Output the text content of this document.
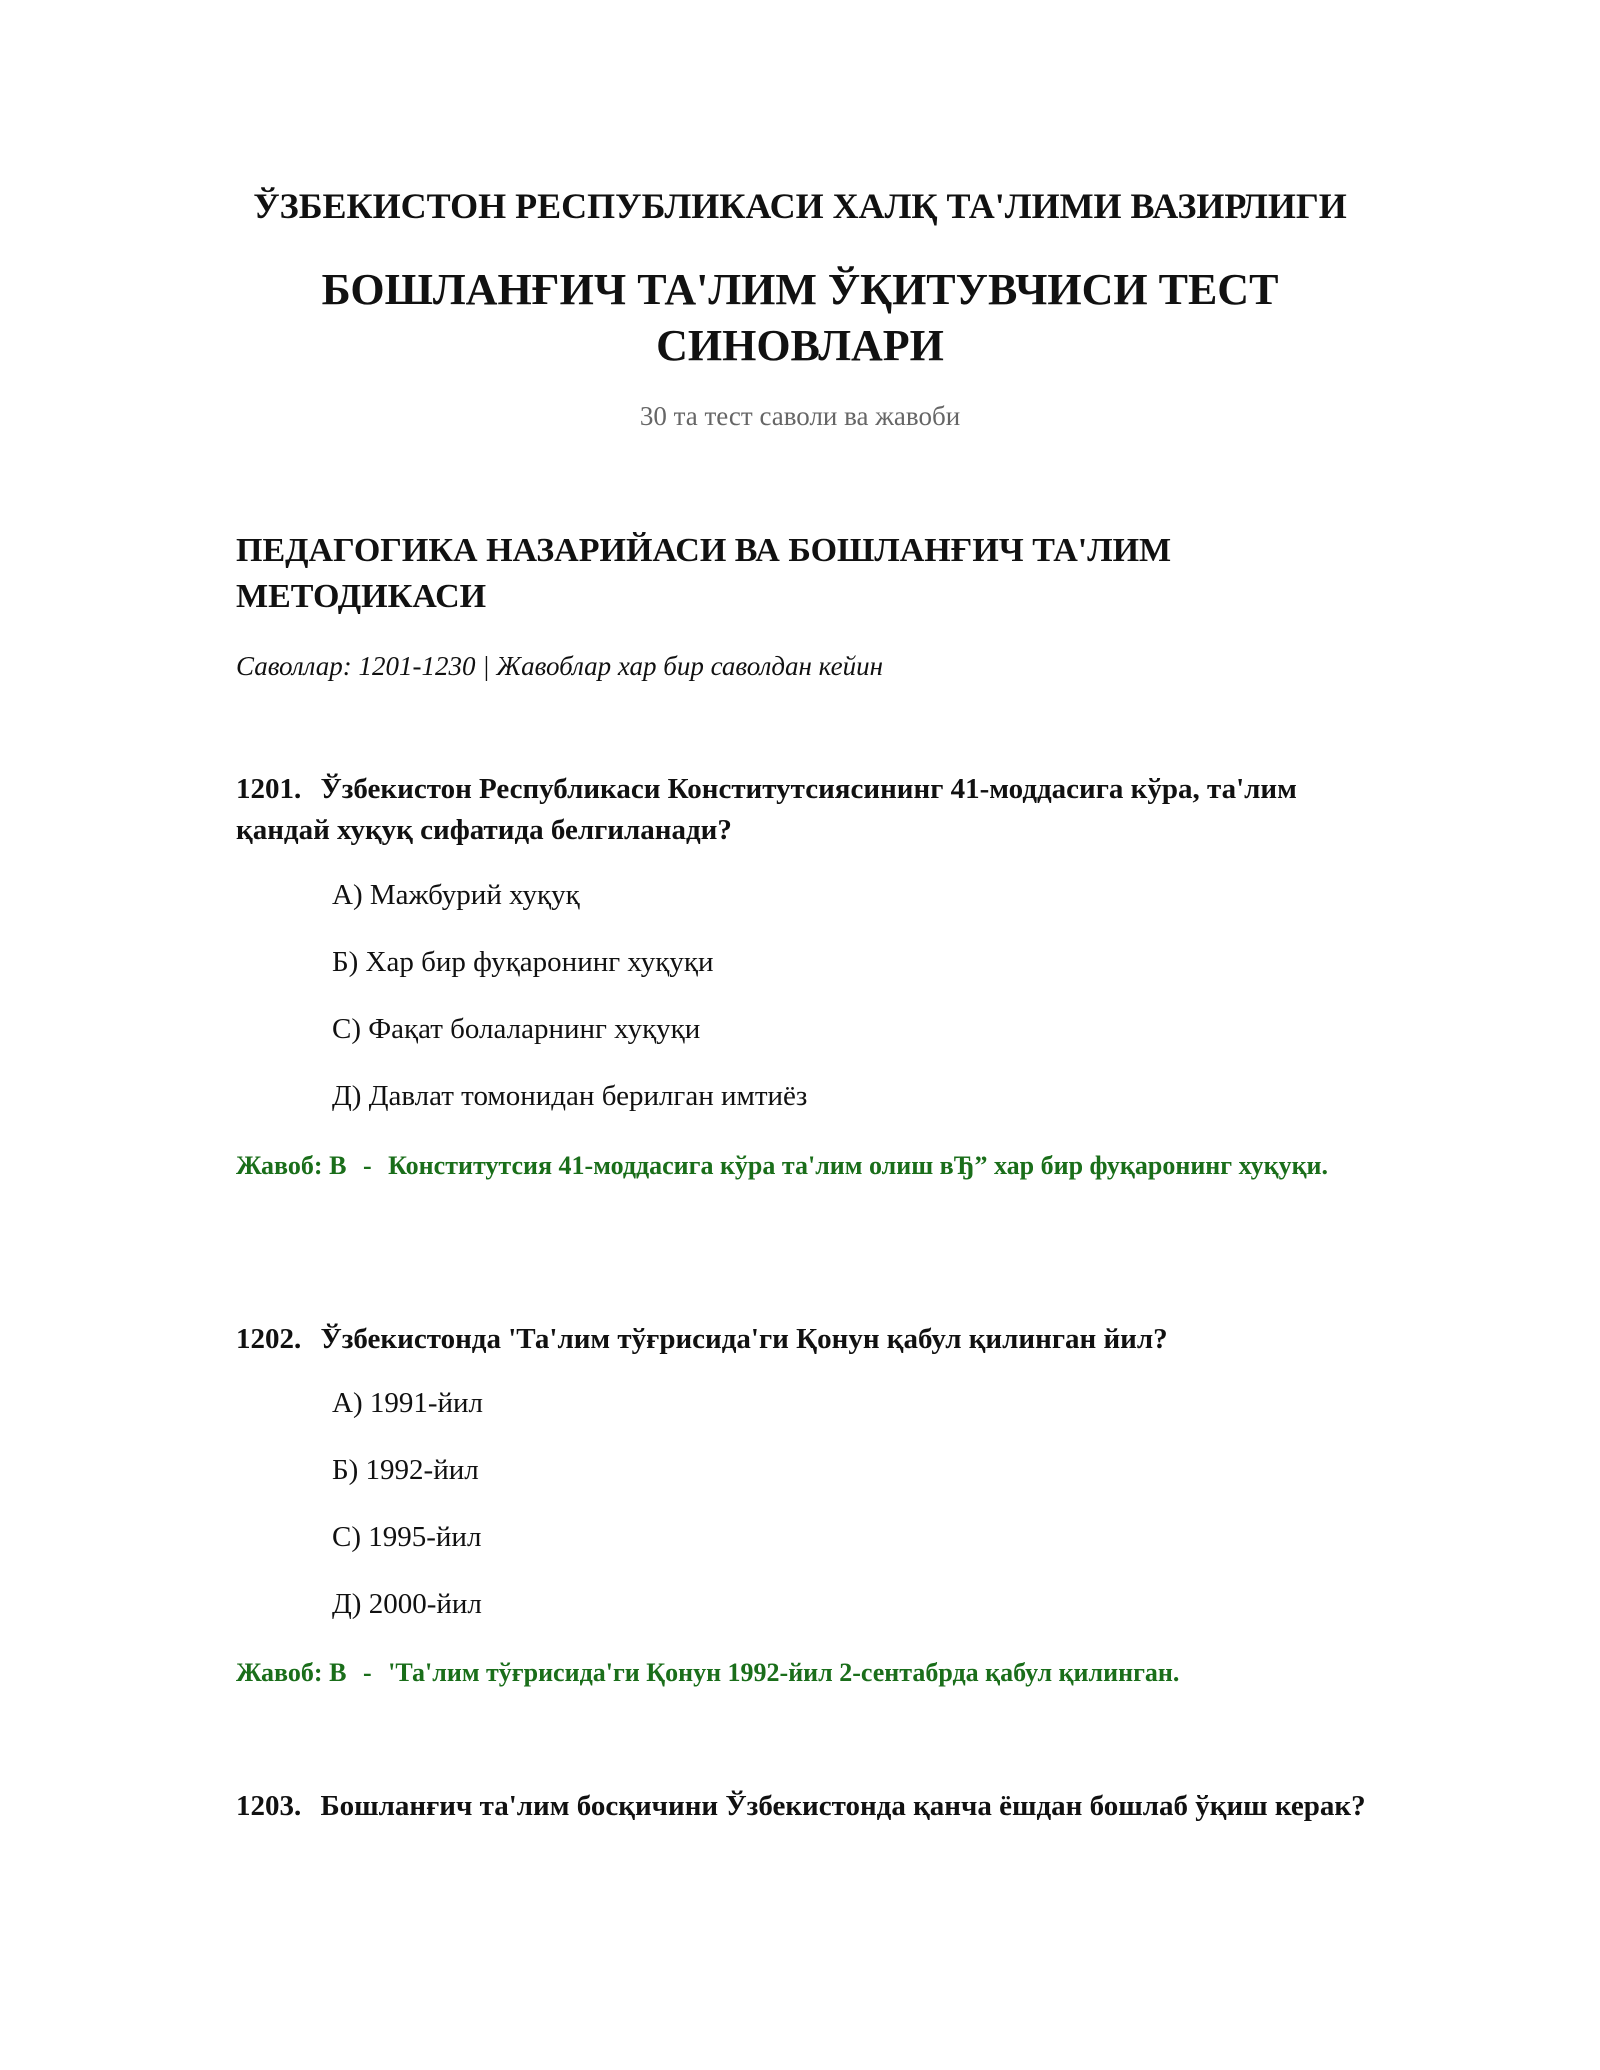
ЎЗБЕКИСТОН РЕСПУБЛИКАСИ ХАЛҚ ТА'ЛИМИ ВАЗИРЛИГИ
БОШЛАНҒИЧ ТА'ЛИМ ЎҚИТУВЧИСИ ТЕСТ СИНОВЛАРИ
30 та тест саволи ва жавоби
ПЕДАГОГИКА НАЗАРИЙАСИ ВА БОШЛАНҒИЧ ТА'ЛИМ МЕТОДИКАСИ
Саволлар: 1201-1230 | Жавоблар хар бир саволдан кейин
1201. Ўзбекистон Республикаси Конститутсиясининг 41-моддасига кўра, та'лим қандай хуқуқ сифатида белгиланади?
А) Мажбурий хуқуқ
Б) Хар бир фуқаронинг хуқуқи
С) Фақат болаларнинг хуқуқи
Д) Давлат томонидан берилган имтиёз
Жавоб: В - Конститутсия 41-моддасига кўра та'лим олиш вЂ” хар бир фуқаронинг хуқуқи.
1202. Ўзбекистонда 'Та'лим тўғрисида'ги Қонун қабул қилинган йил?
А) 1991-йил
Б) 1992-йил
С) 1995-йил
Д) 2000-йил
Жавоб: В - 'Та'лим тўғрисида'ги Қонун 1992-йил 2-сентабрда қабул қилинган.
1203. Бошланғич та'лим босқичини Ўзбекистонда қанча ёшдан бошлаб ўқиш керак?
